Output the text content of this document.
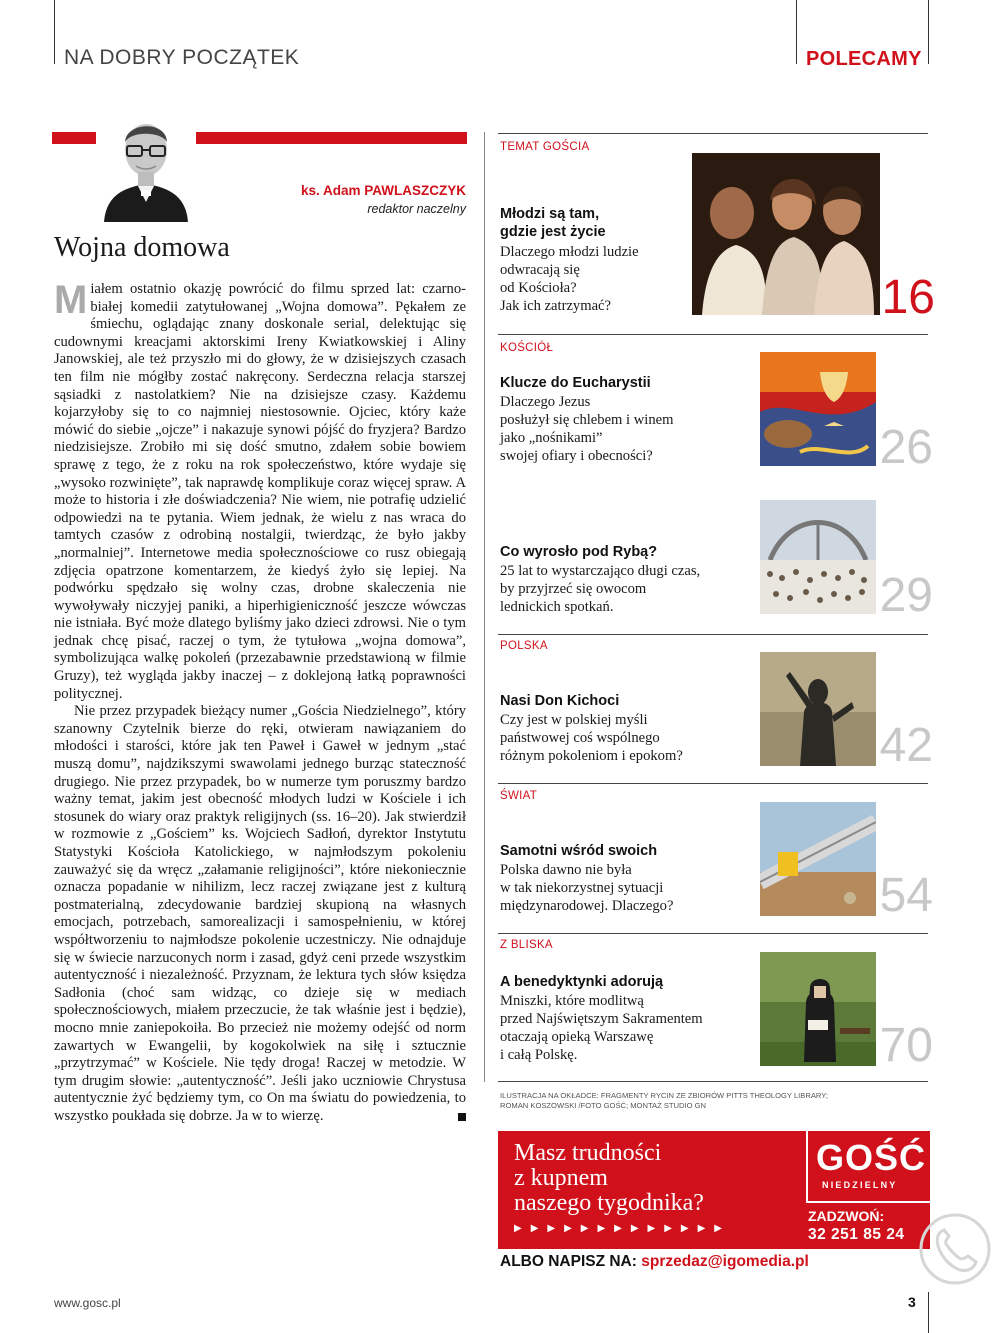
NA DOBRY POCZĄTEK	POLECAMY
ks. Adam PAWLASZCZYK
redaktor naczelny
Wojna domowa

Miałem ostatnio okazję powrócić do filmu sprzed lat: czarno-białej komedii zatytułowanej „Wojna domowa”. Pękałem ze śmiechu, oglądając znany doskonale serial, delektując się cudownymi kreacjami aktorskimi Ireny Kwiatkowskiej i Aliny Janowskiej, ale też przyszło mi do głowy, że w dzisiejszych czasach ten film nie mógłby zostać nakręcony. Serdeczna relacja starszej sąsiadki z nastolatkiem? Nie na dzisiejsze czasy. Każdemu kojarzyłoby się to co najmniej niestosownie. Ojciec, który każe mówić do siebie „ojcze” i nakazuje synowi pójść do fryzjera? Bardzo niedzisiejsze. Zrobiło mi się dość smutno, zdałem sobie bowiem sprawę z tego, że z roku na rok społeczeństwo, które wydaje się „wysoko rozwinięte”, tak naprawdę komplikuje coraz więcej spraw. A może to historia i złe doświadczenia? Nie wiem, nie potrafię udzielić odpowiedzi na te pytania. Wiem jednak, że wielu z nas wraca do tamtych czasów z odrobiną nostalgii, twierdząc, że było jakby „normalniej”. Internetowe media społecznościowe co rusz obiegają zdjęcia opatrzone komentarzem, że kiedyś żyło się lepiej. Na podwórku spędzało się wolny czas, drobne skaleczenia nie wywoływały niczyjej paniki, a hiperhigieniczność jeszcze wówczas nie istniała. Być może dlatego byliśmy jako dzieci zdrowsi. Nie o tym jednak chcę pisać, raczej o tym, że tytułowa „wojna domowa”, symbolizująca walkę pokoleń (przezabawnie przedstawioną w filmie Gruzy), też wygląda jakby inaczej – z doklejoną łatką poprawności politycznej.

Nie przez przypadek bieżący numer „Gościa Niedzielnego”, który szanowny Czytelnik bierze do ręki, otwieram nawiązaniem do młodości i starości, które jak ten Paweł i Gaweł w jednym „stać muszą domu”, najdzikszymi swawolami jednego burząc stateczność drugiego. Nie przez przypadek, bo w numerze tym poruszmy bardzo ważny temat, jakim jest obecność młodych ludzi w Kościele i ich stosunek do wiary oraz praktyk religijnych (ss. 16–20). Jak stwierdził w rozmowie z „Gościem” ks. Wojciech Sadłoń, dyrektor Instytutu Statystyki Kościoła Katolickiego, w najmłodszym pokoleniu zauważyć się da wręcz „załamanie religijności”, które niekoniecznie oznacza popadanie w nihilizm, lecz raczej związane jest z kulturą postmaterialną, zdecydowanie bardziej skupioną na własnych emocjach, potrzebach, samorealizacji i samospełnieniu, w której współtworzeniu to najmłodsze pokolenie uczestniczy. Nie odnajduje się w świecie narzuconych norm i zasad, gdyż ceni przede wszystkim autentyczność i niezależność. Przyznam, że lektura tych słów księdza Sadłonia (choć sam widząc, co dzieje się w mediach społecznościowych, miałem przeczucie, że tak właśnie jest i będzie), mocno mnie zaniepokoiła. Bo przecież nie możemy odejść od norm zawartych w Ewangelii, by kogokolwiek na siłę i sztucznie „przytrzymać” w Kościele. Nie tędy droga! Raczej w metodzie. W tym drugim słowie: „autentyczność”. Jeśli jako uczniowie Chrystusa autentycznie żyć będziemy tym, co On ma światu do powiedzenia, to wszystko poukłada się dobrze. Ja w to wierzę.

TEMAT GOŚCIA
Młodzi są tam,
gdzie jest życie
Dlaczego młodzi ludzie
odwracają się
od Kościoła?
Jak ich zatrzymać?	16
KOŚCIÓŁ
Klucze do Eucharystii
Dlaczego Jezus
posłużył się chlebem i winem
jako „nośnikami”
swojej ofiary i obecności?	26
Co wyrosło pod Rybą?
25 lat to wystarczająco długi czas,
by przyjrzeć się owocom
lednickich spotkań.	29
POLSKA
Nasi Don Kichoci
Czy jest w polskiej myśli
państwowej coś wspólnego
różnym pokoleniom i epokom?	42
ŚWIAT
Samotni wśród swoich
Polska dawno nie była
w tak niekorzystnej sytuacji
międzynarodowej. Dlaczego?	54
Z BLISKA
A benedyktynki adorują
Mniszki, które modlitwą
przed Najświętszym Sakramentem
otaczają opieką Warszawę
i całą Polskę.	70
ILUSTRACJA NA OKŁADCE: FRAGMENTY RYCIN ZE ZBIORÓW PITTS THEOLOGY LIBRARY;
ROMAN KOSZOWSKI /FOTO GOŚĆ; MONTAŻ STUDIO GN
Masz trudności
z kupnem
naszego tygodnika?
▶▶▶▶▶▶▶▶▶▶▶▶▶
GOŚĆ
NIEDZIELNY
ZADZWOŃ:
32 251 85 24
ALBO NAPISZ NA: sprzedaz@igomedia.pl
www.gosc.pl	3
